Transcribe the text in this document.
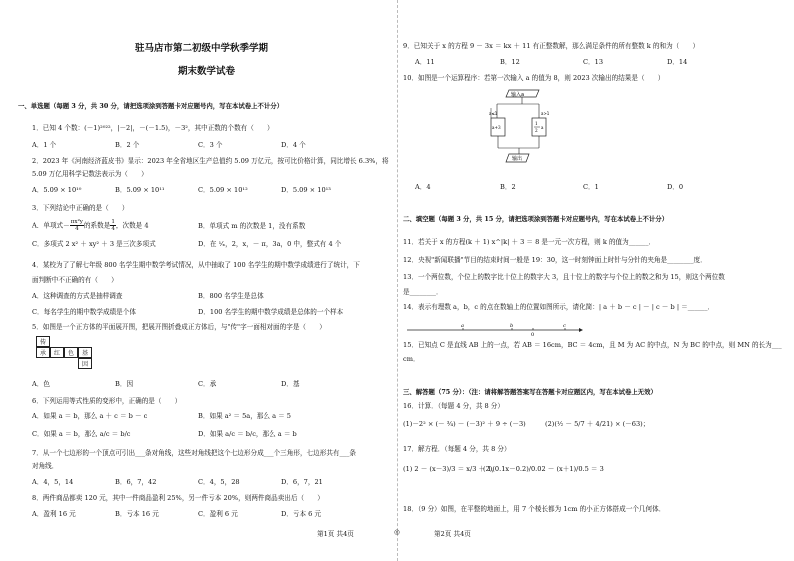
驻马店市第二初级中学秋季学期
期末数学试卷
一、单选题（每题 3 分，共 30 分，请把选项涂到答题卡对应题号内，写在本试卷上不计分）
1．已知 4 个数：(－1)²⁰²²，|－2|，－(－1.5)，－3²，其中正数的个数有（　　）
A．1 个	B．2 个	C．3 个	D．4 个
2．2023 年《河南经济蓝皮书》显示：2023 年全省地区生产总值约 5.09 万亿元，按可比价格计算，同比增长 6.3%，将
5.09 万亿用科学记数法表示为（　　）
A．5.09 × 10¹⁰	B．5.09 × 10¹¹	C．5.09 × 10¹²	D．5.09 × 10¹³
3．下列结论中正确的是（　　）
A．单项式－ $\frac{\text{πx²y}}{4}$ 的系数是 $\frac{1}{4}$ ，次数是 4	B．单项式 m 的次数是 1，没有系数
C．多项式 2 x² ＋ xy² ＋ 3 是三次多项式	D．在 ¹⁄ₓ，2，x，－ π，3a，0 中，整式有 4 个
4．某校为了了解七年级 800 名学生期中数学考试情况，从中抽取了 100 名学生的期中数学成绩进行了统计，下
面判断中不正确的有（　　）
A．这种调查的方式是抽样调查	B．800 名学生是总体
C．每名学生的期中数学成绩是个体	D．100 名学生的期中数学成绩是总体的一个样本
5．如图是一个正方体的平面展开图，把展开图折叠成正方体后，与"传"字一面相对面的字是（　　）
传
承	红	色	基
因
A．色	B．因	C．承	D．基
6．下列运用等式性质的变形中，正确的是（　　）
A．如果 a ＝ b，那么 a ＋ c ＝ b － c	B．如果 a² ＝ 5a，那么 a ＝ 5
C．如果 a ＝ b，那么 a/c ＝ b/c	D．如果 a/c ＝ b/c，那么 a ＝ b
7．从一个七边形的一个顶点可引出___条对角线，这些对角线把这个七边形分成___个三角形，七边形共有___条
对角线．
A．4，5，14	B．6，7，42	C．4，5，28	D．6，7，21
8．两件商品都卖 120 元，其中一件商品盈利 25%，另一件亏本 20%，则两件商品卖出后（　　）
A．盈利 16 元	B．亏本 16 元	C．盈利 6 元	D．亏本 6 元
9．已知关于 x 的方程 9 － 3x ＝ kx ＋ 11 有正整数解，那么满足条件的所有整数 k 的和为（　　）
A．11	B．12	C．13	D．14
10．如图是一个运算程序：若第一次输入 a 的值为 8，则 2023 次输出的结果是（　　）
输入a
a≤1	a>1
a+3
1
2
a
输出
A．4	B．2	C．1	D．0
二、填空题（每题 3 分，共 15 分，请把选项涂到答题卡对应题号内，写在本试卷上不计分）
11．若关于 x 的方程(k ＋ 1) x^|k| ＋ 3 ＝ 8 是一元一次方程，则 k 的值为______．
12．央视"新闻联播"节目的结束时间一般是 19：30，这一时刻钟面上时针与分针的夹角是________度．
13．一个两位数，个位上的数字比十位上的数字大 3，且十位上的数字与个位上的数之和为 15，则这个两位数
是________．
14．表示有理数 a，b，c 的点在数轴上的位置如图所示，请化简：| a ＋ b － c | － | c － b | ＝______．
a	b
0
c
15．已知点 C 是直线 AB 上的一点，若 AB ＝ 16cm，BC ＝ 4cm，且 M 为 AC 的中点，N 为 BC 的中点，则 MN 的长为___
cm．
三、解答题（75 分）：（注：请将解答题答案写在答题卡对应题区内，写在本试卷上无效）
16．计算．（每题 4 分，共 8 分）
(1)－2² × (－ ¾) － (－3)² ＋ 9 ÷ (－3)	(2)(½ － 5/7 ＋ 4/21) × (－63)；
17．解方程．（每题 4 分，共 8 分）
(1) 2 － (x－3)/3 ＝ x/3 ＋ 1，
(2)(0.1x－0.2)/0.02 － (x＋1)/0.5 ＝ 3
18．（9 分）如图，在平整的地面上，用 7 个棱长都为 1cm 的小正方体搭成一个几何体．
第1页 共4页	◎	第2页 共4页
